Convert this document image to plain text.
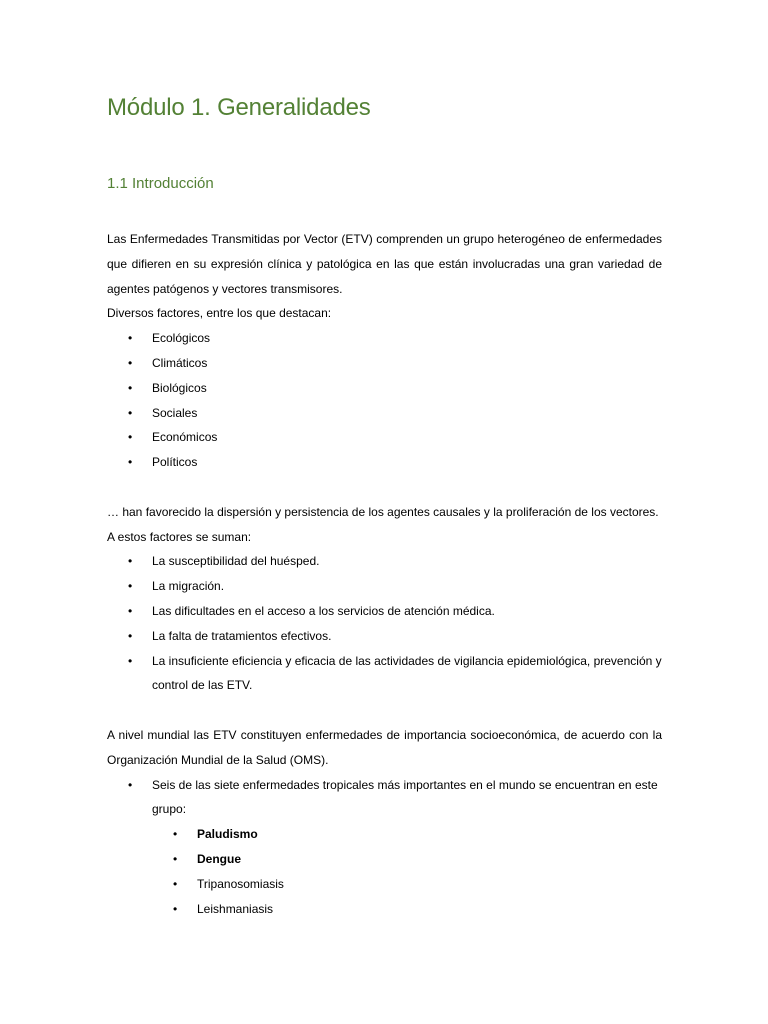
Módulo 1. Generalidades
1.1 Introducción

Las Enfermedades Transmitidas por Vector (ETV) comprenden un grupo heterogéneo de enfermedades que difieren en su expresión clínica y patológica en las que están involucradas una gran variedad de agentes patógenos y vectores transmisores.

Diversos factores, entre los que destacan:

• Ecológicos
• Climáticos
• Biológicos
• Sociales
• Económicos
• Políticos

… han favorecido la dispersión y persistencia de los agentes causales y la proliferación de los vectores.

A estos factores se suman:

• La susceptibilidad del huésped.
• La migración.
• Las dificultades en el acceso a los servicios de atención médica.
• La falta de tratamientos efectivos.
• La insuficiente eficiencia y eficacia de las actividades de vigilancia epidemiológica, prevención y control de las ETV.

A nivel mundial las ETV constituyen enfermedades de importancia socioeconómica, de acuerdo con la Organización Mundial de la Salud (OMS).

• Seis de las siete enfermedades tropicales más importantes en el mundo se encuentran en este grupo:
• Paludismo
• Dengue
• Tripanosomiasis
• Leishmaniasis
